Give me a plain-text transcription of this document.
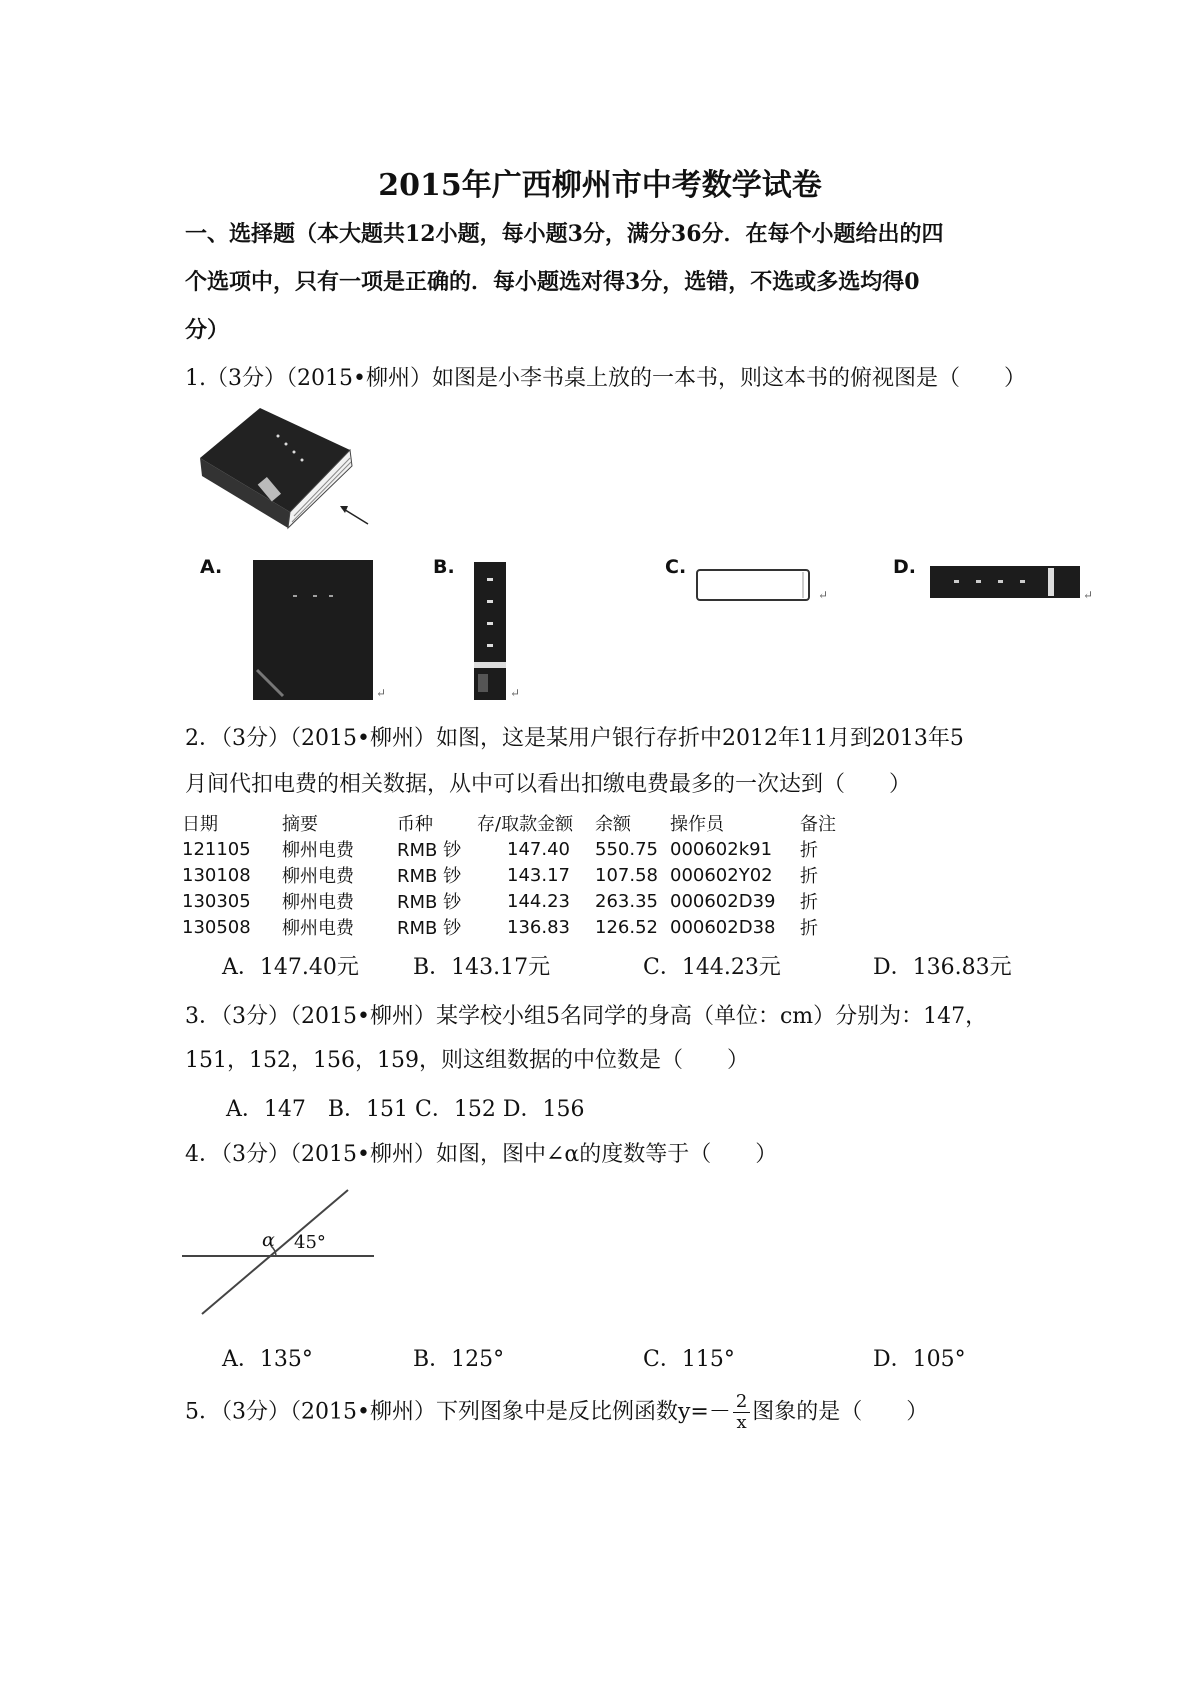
2015年广西柳州市中考数学试卷
一、选择题（本大题共12小题，每小题3分，满分36分．在每个小题给出的四
个选项中，只有一项是正确的．每小题选对得3分，选错，不选或多选均得0
分）
1.（3分）（2015•柳州）如图是小李书桌上放的一本书，则这本书的俯视图是（　　）
A.
↵
B.
↵
C.
↵
D.
↵
2．（3分）（2015•柳州）如图，这是某用户银行存折中2012年11月到2013年5
月间代扣电费的相关数据，从中可以看出扣缴电费最多的一次达到（　　）
日期	摘要	币种	存/取款金额	余额	操作员	备注
121105	柳州电费	RMB 钞	147.40	550.75	000602k91	折
130108	柳州电费	RMB 钞	143.17	107.58	000602Y02	折
130305	柳州电费	RMB 钞	144.23	263.35	000602D39	折
130508	柳州电费	RMB 钞	136.83	126.52	000602D38	折
A．147.40元 B．143.17元	C．144.23元	D．136.83元
3．（3分）（2015•柳州）某学校小组5名同学的身高（单位：cm）分别为：147，
151，152，156，159，则这组数据的中位数是（　　）
A．147　B．151 C．152 D．156
4．（3分）（2015•柳州）如图，图中∠α的度数等于（　　）
α 45°
A．135°	B．125°	C．115°	D．105°
5．（3分）（2015•柳州）下列图象中是反比例函数$y=- \frac{2}{x}$ 图象的是（　　）
